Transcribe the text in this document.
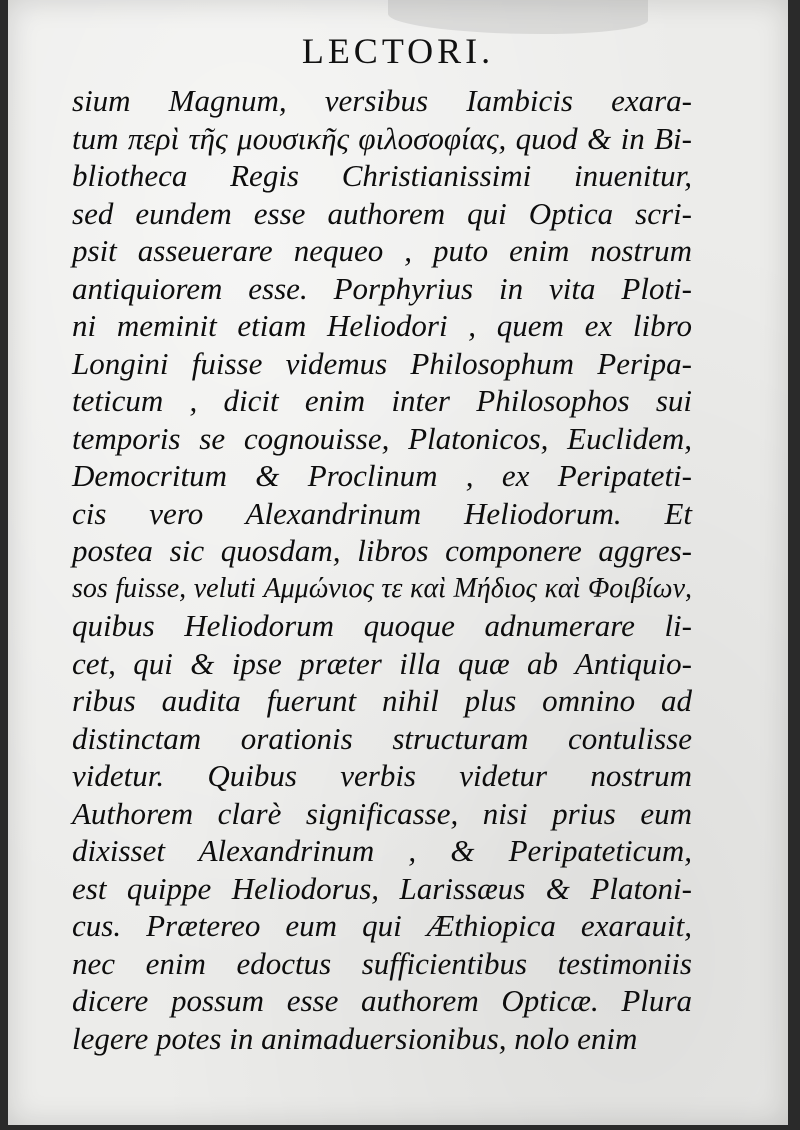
LECTORI.
sium Magnum, versibus Iambicis exara-
tum περὶ τῆς μουσικῆς φιλοσοφίας, quod & in Bi-
bliotheca Regis Christianissimi inuenitur,
sed eundem esse authorem qui Optica scri-
psit asseuerare nequeo , puto enim nostrum
antiquiorem esse. Porphyrius in vita Ploti-
ni meminit etiam Heliodori , quem ex libro
Longini fuisse videmus Philosophum Peripa-
teticum , dicit enim inter Philosophos sui
temporis se cognouisse, Platonicos, Euclidem,
Democritum & Proclinum , ex Peripateti-
cis vero Alexandrinum Heliodorum. Et
postea sic quosdam, libros componere aggres-
sos fuisse, veluti Αμμώνιος τε καὶ Μήδιος καὶ Φοιβίων,
quibus Heliodorum quoque adnumerare li-
cet, qui & ipse præter illa quæ ab Antiquio-
ribus audita fuerunt nihil plus omnino ad
distinctam orationis structuram contulisse
videtur. Quibus verbis videtur nostrum
Authorem clarè significasse, nisi prius eum
dixisset Alexandrinum , & Peripateticum,
est quippe Heliodorus, Larissæus & Platoni-
cus. Prætereo eum qui Æthiopica exarauit,
nec enim edoctus sufficientibus testimoniis
dicere possum esse authorem Opticæ. Plura
legere potes in animaduersionibus, nolo enim
